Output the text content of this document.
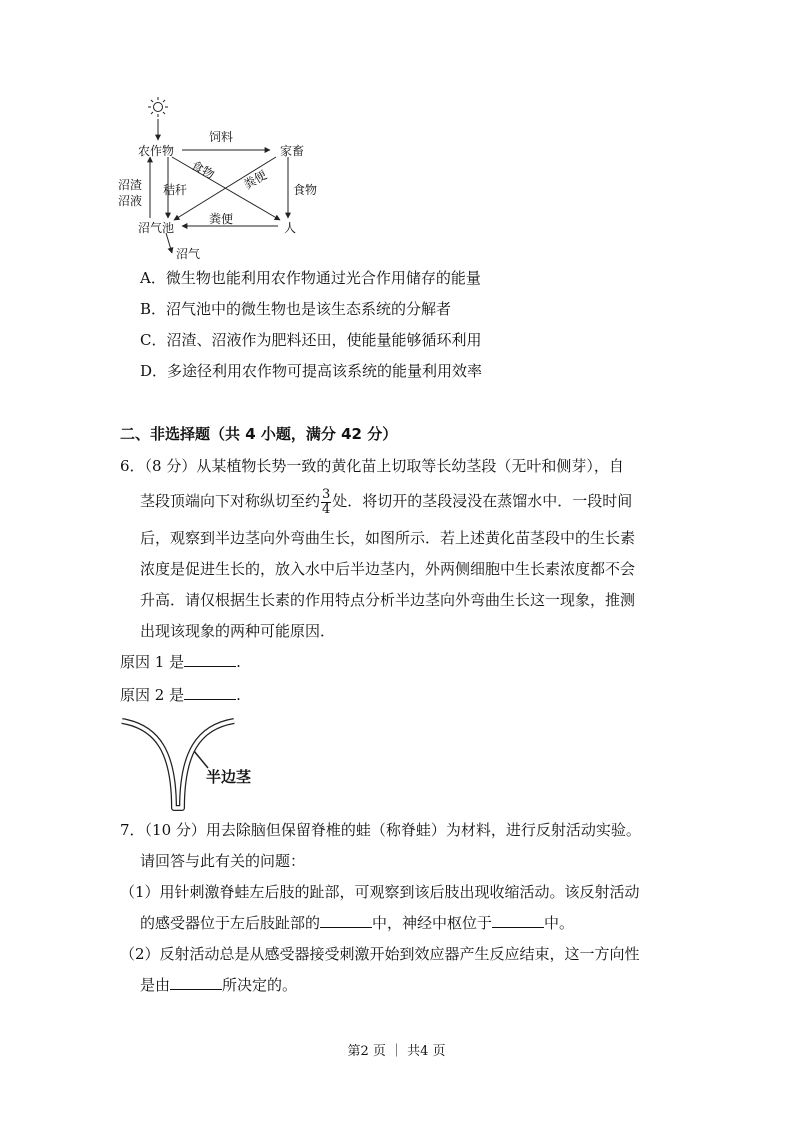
农作物	家畜
沼气池	人
沼气
饲料
食物 粪便
秸秆
沼渣
沼液
食物
粪便
A．微生物也能利用农作物通过光合作用储存的能量
B．沼气池中的微生物也是该生态系统的分解者
C．沼渣、沼液作为肥料还田，使能量能够循环利用
D．多途径利用农作物可提高该系统的能量利用效率
二、非选择题（共 4 小题，满分 42 分）
6．（8 分）从某植物长势一致的黄化苗上切取等长幼茎段（无叶和侧芽），自
茎段顶端向下对称纵切至约 $\frac{3}{4}$ 处．将切开的茎段浸没在蒸馏水中．一段时间
后，观察到半边茎向外弯曲生长，如图所示．若上述黄化苗茎段中的生长素
浓度是促进生长的，放入水中后半边茎内，外两侧细胞中生长素浓度都不会
升高．请仅根据生长素的作用特点分析半边茎向外弯曲生长这一现象，推测
出现该现象的两种可能原因．
原因 1 是	.
原因 2 是	.
半边茎
7．（10 分）用去除脑但保留脊椎的蛙（称脊蛙）为材料，进行反射活动实验。
请回答与此有关的问题：
（1）用针刺激脊蛙左后肢的趾部，可观察到该后肢出现收缩活动。该反射活动
的感受器位于左后肢趾部的	中，神经中枢位于	中。
（2）反射活动总是从感受器接受刺激开始到效应器产生反应结束，这一方向性
是由	所决定的。
第2 页 ｜ 共4 页
